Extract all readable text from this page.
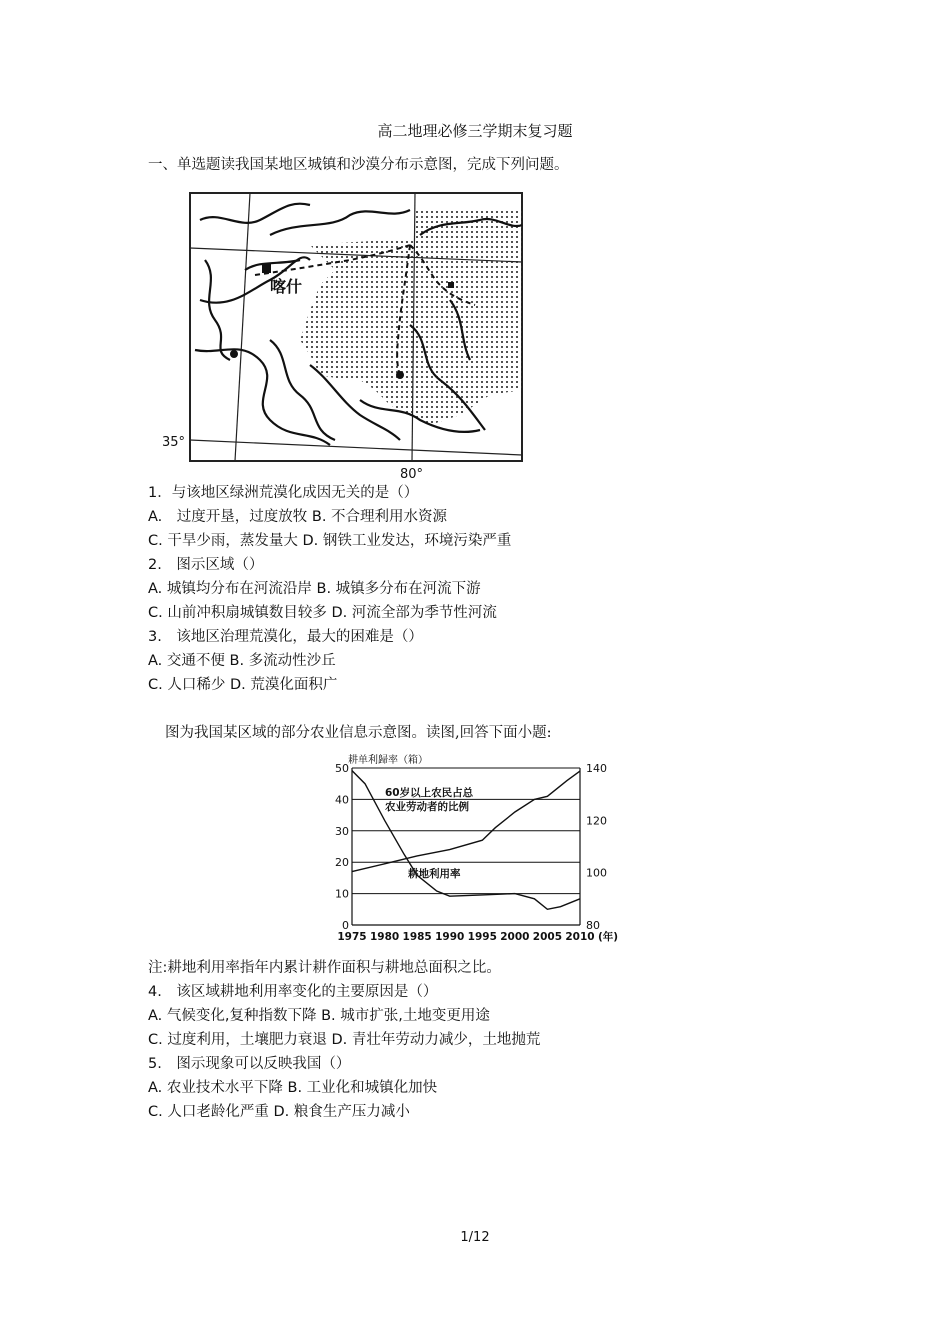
高二地理必修三学期末复习题
一、单选题读我国某地区城镇和沙漠分布示意图，完成下列问题。
喀什
35°
80°
1．与该地区绿洲荒漠化成因无关的是（）
A.　过度开垦，过度放牧 B. 不合理利用水资源
C. 干旱少雨，蒸发量大 D. 钢铁工业发达，环境污染严重
2.　图示区域（）
A. 城镇均分布在河流沿岸 B. 城镇多分布在河流下游
C. 山前冲积扇城镇数目较多 D. 河流全部为季节性河流
3.　该地区治理荒漠化，最大的困难是（）
A. 交通不便 B. 多流动性沙丘
C. 人口稀少 D. 荒漠化面积广
图为我国某区域的部分农业信息示意图。读图,回答下面小题:
耕单利歸率（箱）
0
10
20
30
40
50
80
100
120
140
1975 1980 1985 1990 1995 2000 2005 2010 (年)
60岁以上农民占总
农业劳动者的比例
耕地利用率
注:耕地利用率指年内累计耕作面积与耕地总面积之比。
4.　该区域耕地利用率变化的主要原因是（）
A. 气候变化,复种指数下降 B. 城市扩张,土地变更用途
C. 过度利用，土壤肥力衰退 D. 青壮年劳动力减少，土地抛荒
5.　图示现象可以反映我国（）
A. 农业技术水平下降 B. 工业化和城镇化加快
C. 人口老龄化严重 D. 粮食生产压力减小
1/12
